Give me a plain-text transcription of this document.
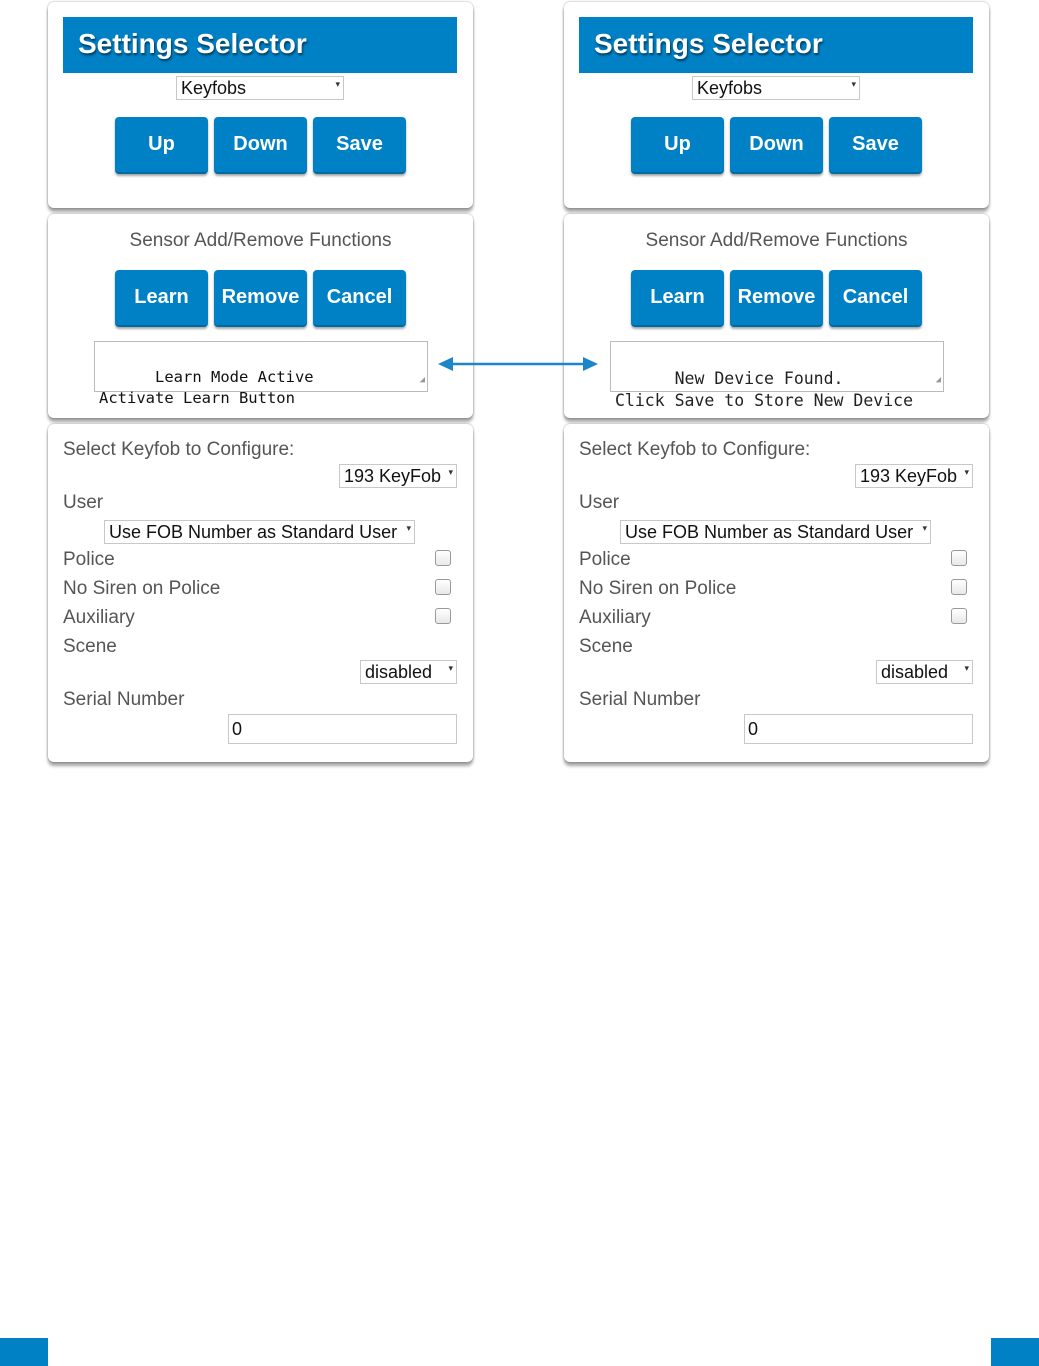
Settings Selector
Keyfobs	▾
Up	Down	Save
Sensor Add/Remove Functions
Learn	Remove	Cancel

Learn Mode Active
Activate Learn Button

◢

Select Keyfob to Configure:
193 KeyFob ▾
User
Use FOB Number as Standard User ▾
Police
No Siren on Police
Auxiliary
Scene
disabled ▾
Serial Number
0
Settings Selector
Keyfobs	▾
Up	Down	Save
Sensor Add/Remove Functions
Learn	Remove	Cancel

New Device Found.
Click Save to Store New Device

◢

Select Keyfob to Configure:
193 KeyFob ▾
User
Use FOB Number as Standard User ▾
Police
No Siren on Police
Auxiliary
Scene
disabled ▾
Serial Number
0
